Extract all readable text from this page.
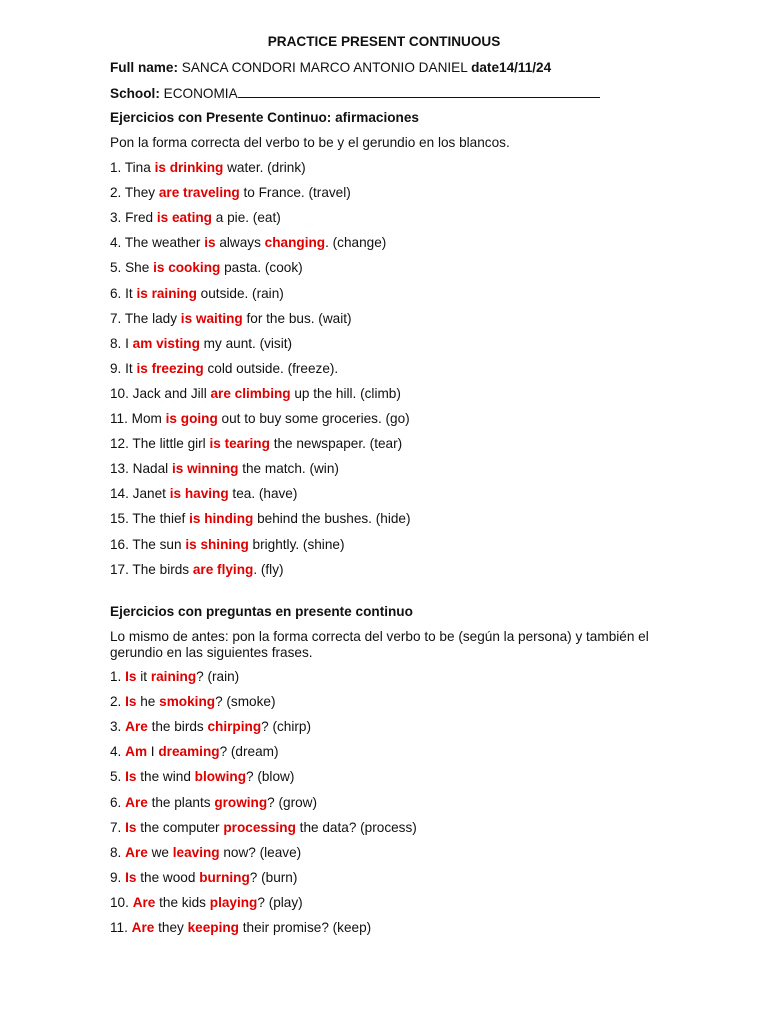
PRACTICE PRESENT CONTINUOUS
Full name: SANCA CONDORI MARCO ANTONIO DANIEL date14/11/24
School: ECONOMIA
Ejercicios con Presente Continuo: afirmaciones
Pon la forma correcta del verbo to be y el gerundio en los blancos.
1. Tina is drinking water. (drink)
2. They are traveling to France. (travel)
3. Fred is eating a pie. (eat)
4. The weather is always changing. (change)
5. She is cooking pasta. (cook)
6. It is raining outside. (rain)
7. The lady is waiting for the bus. (wait)
8. I am visting my aunt. (visit)
9. It is freezing cold outside. (freeze).
10. Jack and Jill are climbing up the hill. (climb)
11. Mom is going out to buy some groceries. (go)
12. The little girl is tearing the newspaper. (tear)
13. Nadal is winning the match. (win)
14. Janet is having tea. (have)
15. The thief is hinding behind the bushes. (hide)
16. The sun is shining brightly. (shine)
17. The birds are flying. (fly)
Ejercicios con preguntas en presente continuo
Lo mismo de antes: pon la forma correcta del verbo to be (según la persona) y también el gerundio en las siguientes frases.
1. Is it raining? (rain)
2. Is he smoking? (smoke)
3. Are the birds chirping? (chirp)
4. Am I dreaming? (dream)
5. Is the wind blowing? (blow)
6. Are the plants growing? (grow)
7. Is the computer processing the data? (process)
8. Are we leaving now? (leave)
9. Is the wood burning? (burn)
10. Are the kids playing? (play)
11. Are they keeping their promise? (keep)
